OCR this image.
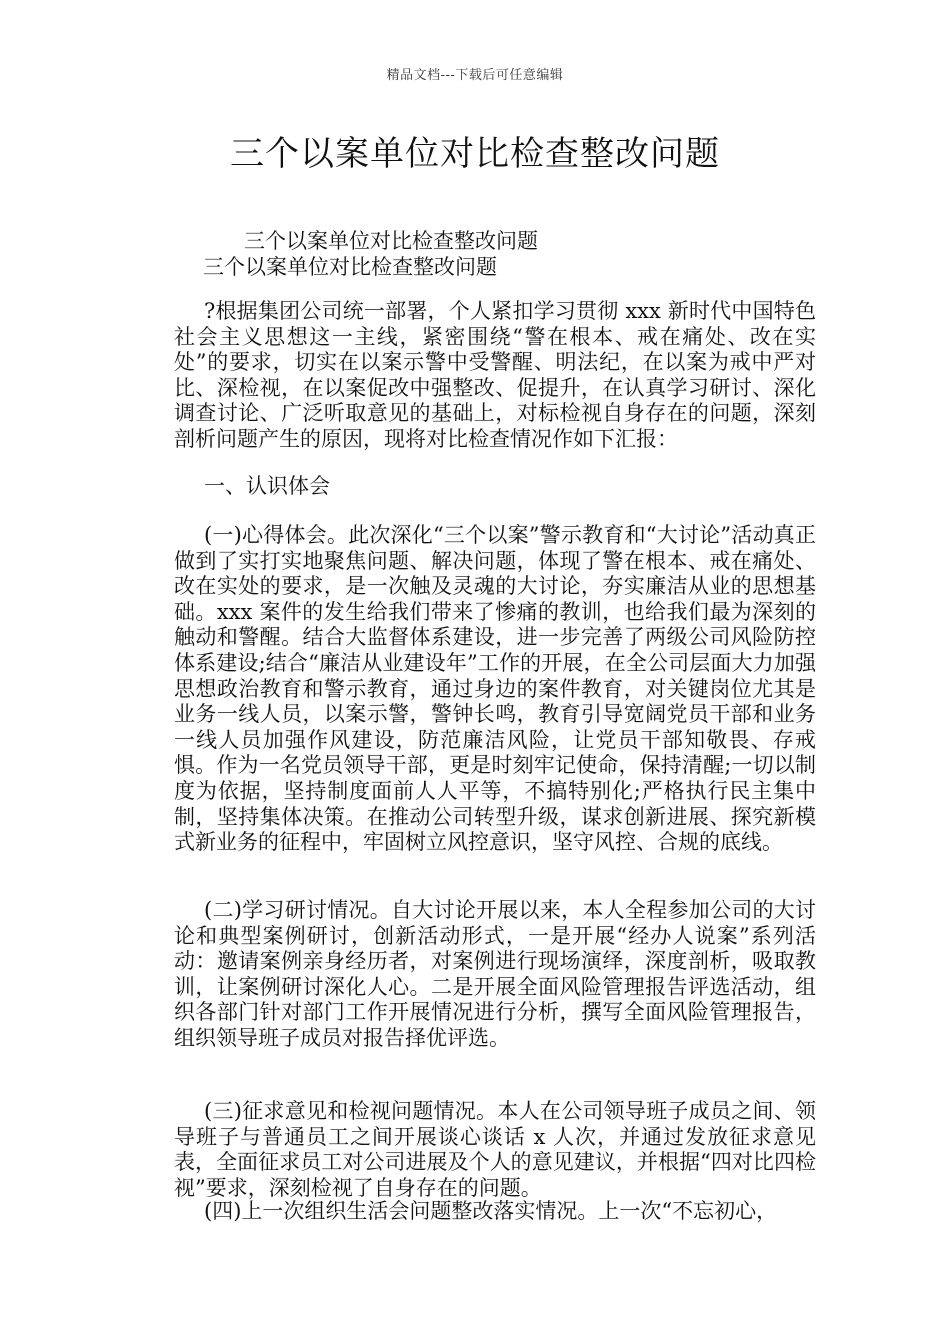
精品文档---下载后可任意编辑
三个以案单位对比检查整改问题

三个以案单位对比检查整改问题

三个以案单位对比检查整改问题

?根据集团公司统一部署，个人紧扣学习贯彻 xxx 新时代中国特色社会主义思想这一主线，紧密围绕“警在根本、戒在痛处、改在实处”的要求，切实在以案示警中受警醒、明法纪，在以案为戒中严对比、深检视，在以案促改中强整改、促提升，在认真学习研讨、深化调查讨论、广泛听取意见的基础上，对标检视自身存在的问题，深刻剖析问题产生的原因，现将对比检查情况作如下汇报：

一、认识体会

(一)心得体会。此次深化“三个以案”警示教育和“大讨论”活动真正做到了实打实地聚焦问题、解决问题，体现了警在根本、戒在痛处、改在实处的要求，是一次触及灵魂的大讨论，夯实廉洁从业的思想基础。xxx 案件的发生给我们带来了惨痛的教训，也给我们最为深刻的触动和警醒。结合大监督体系建设，进一步完善了两级公司风险防控体系建设;结合“廉洁从业建设年”工作的开展，在全公司层面大力加强思想政治教育和警示教育，通过身边的案件教育，对关键岗位尤其是业务一线人员，以案示警，警钟长鸣，教育引导宽阔党员干部和业务一线人员加强作风建设，防范廉洁风险，让党员干部知敬畏、存戒惧。作为一名党员领导干部，更是时刻牢记使命，保持清醒;一切以制度为依据，坚持制度面前人人平等，不搞特别化;严格执行民主集中制，坚持集体决策。在推动公司转型升级，谋求创新进展、探究新模式新业务的征程中，牢固树立风控意识，坚守风控、合规的底线。

(二)学习研讨情况。自大讨论开展以来，本人全程参加公司的大讨论和典型案例研讨，创新活动形式，一是开展“经办人说案”系列活动：邀请案例亲身经历者，对案例进行现场演绎，深度剖析，吸取教训，让案例研讨深化人心。二是开展全面风险管理报告评选活动，组织各部门针对部门工作开展情况进行分析，撰写全面风险管理报告，组织领导班子成员对报告择优评选。

(三)征求意见和检视问题情况。本人在公司领导班子成员之间、领导班子与普通员工之间开展谈心谈话 x 人次，并通过发放征求意见表，全面征求员工对公司进展及个人的意见建议，并根据“四对比四检视”要求，深刻检视了自身存在的问题。

(四)上一次组织生活会问题整改落实情况。上一次“不忘初心，
